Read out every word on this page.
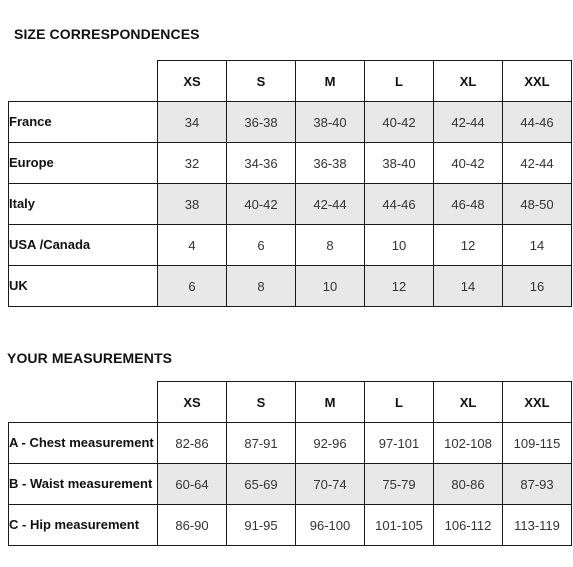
SIZE CORRESPONDENCES
	XS	S	M	L	XL	XXL
France	34	36-38	38-40	40-42	42-44	44-46
Europe	32	34-36	36-38	38-40	40-42	42-44
Italy	38	40-42	42-44	44-46	46-48	48-50
USA /Canada	4	6	8	10	12	14
UK	6	8	10	12	14	16
YOUR MEASUREMENTS
	XS	S	M	L	XL	XXL
A - Chest measurement	82-86	87-91	92-96	97-101	102-108	109-115
B - Waist measurement	60-64	65-69	70-74	75-79	80-86	87-93
C - Hip measurement	86-90	91-95	96-100	101-105	106-112	113-119
